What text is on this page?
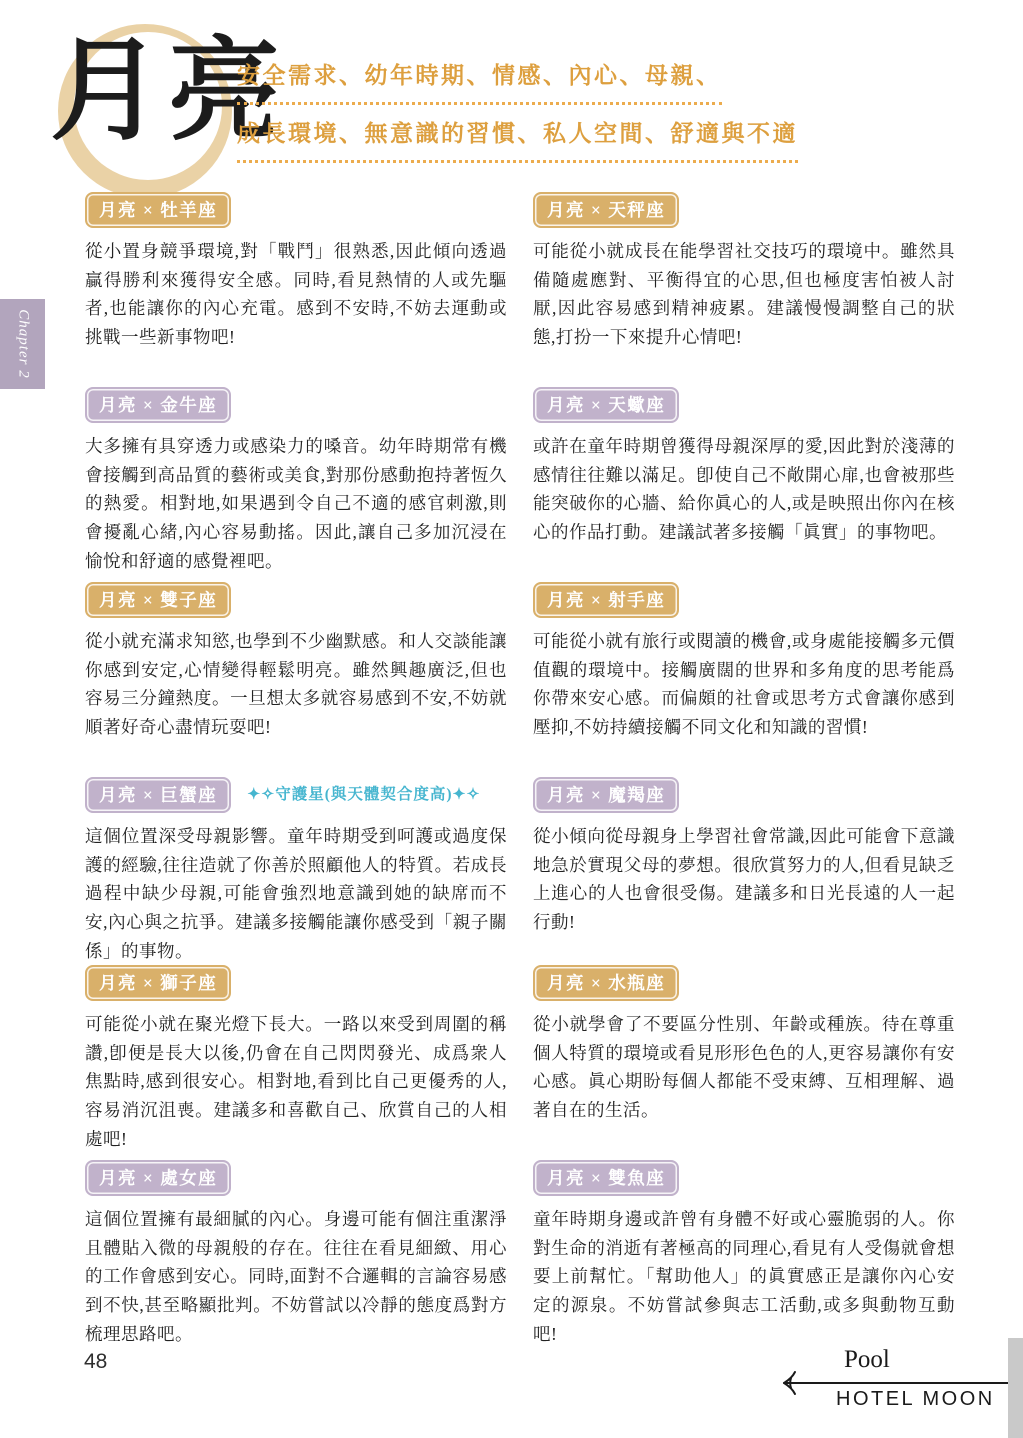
月亮
安全需求、幼年時期、情感、內心、母親、
成長環境、無意識的習慣、私人空間、舒適與不適
Chapter 2
月亮 × 牡羊座

從小置身競爭環境,對「戰鬥」很熟悉,因此傾向透過贏得勝利來獲得安全感。同時,看見熱情的人或先驅者,也能讓你的內心充電。感到不安時,不妨去運動或挑戰一些新事物吧!

月亮 × 金牛座

大多擁有具穿透力或感染力的嗓音。幼年時期常有機會接觸到高品質的藝術或美食,對那份感動抱持著恆久的熱愛。相對地,如果遇到令自己不適的感官刺激,則會擾亂心緒,內心容易動搖。因此,讓自己多加沉浸在愉悅和舒適的感覺裡吧。

月亮 × 雙子座

從小就充滿求知慾,也學到不少幽默感。和人交談能讓你感到安定,心情變得輕鬆明亮。雖然興趣廣泛,但也容易三分鐘熱度。一旦想太多就容易感到不安,不妨就順著好奇心盡情玩耍吧!

月亮 × 巨蟹座 ✦✧守護星(與天體契合度高)✦✧

這個位置深受母親影響。童年時期受到呵護或過度保護的經驗,往往造就了你善於照顧他人的特質。若成長過程中缺少母親,可能會強烈地意識到她的缺席而不安,內心與之抗爭。建議多接觸能讓你感受到「親子關係」的事物。

月亮 × 獅子座

可能從小就在聚光燈下長大。一路以來受到周圍的稱讚,卽便是長大以後,仍會在自己閃閃發光、成爲衆人焦點時,感到很安心。相對地,看到比自己更優秀的人,容易消沉沮喪。建議多和喜歡自己、欣賞自己的人相處吧!

月亮 × 處女座

這個位置擁有最細膩的內心。身邊可能有個注重潔淨且體貼入微的母親般的存在。往往在看見細緻、用心的工作會感到安心。同時,面對不合邏輯的言論容易感到不快,甚至略顯批判。不妨嘗試以冷靜的態度爲對方梳理思路吧。

月亮 × 天秤座

可能從小就成長在能學習社交技巧的環境中。雖然具備隨處應對、平衡得宜的心思,但也極度害怕被人討厭,因此容易感到精神疲累。建議慢慢調整自己的狀態,打扮一下來提升心情吧!

月亮 × 天蠍座

或許在童年時期曾獲得母親深厚的愛,因此對於淺薄的感情往往難以滿足。卽使自己不敞開心扉,也會被那些能突破你的心牆、給你眞心的人,或是映照出你內在核心的作品打動。建議試著多接觸「眞實」的事物吧。

月亮 × 射手座

可能從小就有旅行或閱讀的機會,或身處能接觸多元價值觀的環境中。接觸廣闊的世界和多角度的思考能爲你帶來安心感。而偏頗的社會或思考方式會讓你感到壓抑,不妨持續接觸不同文化和知識的習慣!

月亮 × 魔羯座

從小傾向從母親身上學習社會常識,因此可能會下意識地急於實現父母的夢想。很欣賞努力的人,但看見缺乏上進心的人也會很受傷。建議多和日光長遠的人一起行動!

月亮 × 水瓶座

從小就學會了不要區分性別、年齡或種族。待在尊重個人特質的環境或看見形形色色的人,更容易讓你有安心感。眞心期盼每個人都能不受束縛、互相理解、過著自在的生活。

月亮 × 雙魚座

童年時期身邊或許曾有身體不好或心靈脆弱的人。你對生命的消逝有著極高的同理心,看見有人受傷就會想要上前幫忙。「幫助他人」的眞實感正是讓你內心安定的源泉。不妨嘗試參與志工活動,或多與動物互動吧!

48	Pool
HOTEL MOON
